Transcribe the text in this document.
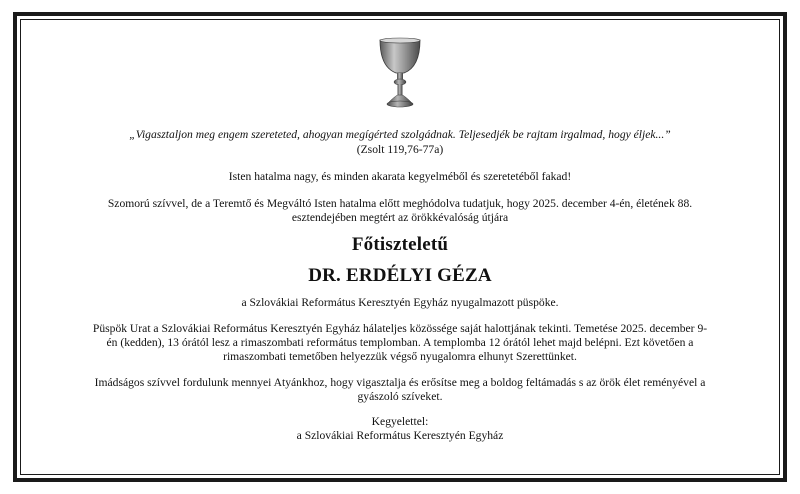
„Vigasztaljon meg engem szereteted, ahogyan megígérted szolgádnak. Teljesedjék be rajtam irgalmad, hogy éljek...”

(Zsolt 119,76-77a)

Isten hatalma nagy, és minden akarata kegyelméből és szeretetéből fakad!

Szomorú szívvel, de a Teremtő és Megváltó Isten hatalma előtt meghódolva tudatjuk, hogy 2025. december 4-én, életének 88.

esztendejében megtért az örökkévalóság útjára

Főtiszteletű

DR. ERDÉLYI GÉZA

a Szlovákiai Református Keresztyén Egyház nyugalmazott püspöke.

Püspök Urat a Szlovákiai Református Keresztyén Egyház hálateljes közössége saját halottjának tekinti. Temetése 2025. december 9-

én (kedden), 13 órától lesz a rimaszombati református templomban. A templomba 12 órától lehet majd belépni. Ezt követően a

rimaszombati temetőben helyezzük végső nyugalomra elhunyt Szerettünket.

Imádságos szívvel fordulunk mennyei Atyánkhoz, hogy vigasztalja és erősítse meg a boldog feltámadás s az örök élet reményével a

gyászoló szíveket.

Kegyelettel:

a Szlovákiai Református Keresztyén Egyház
